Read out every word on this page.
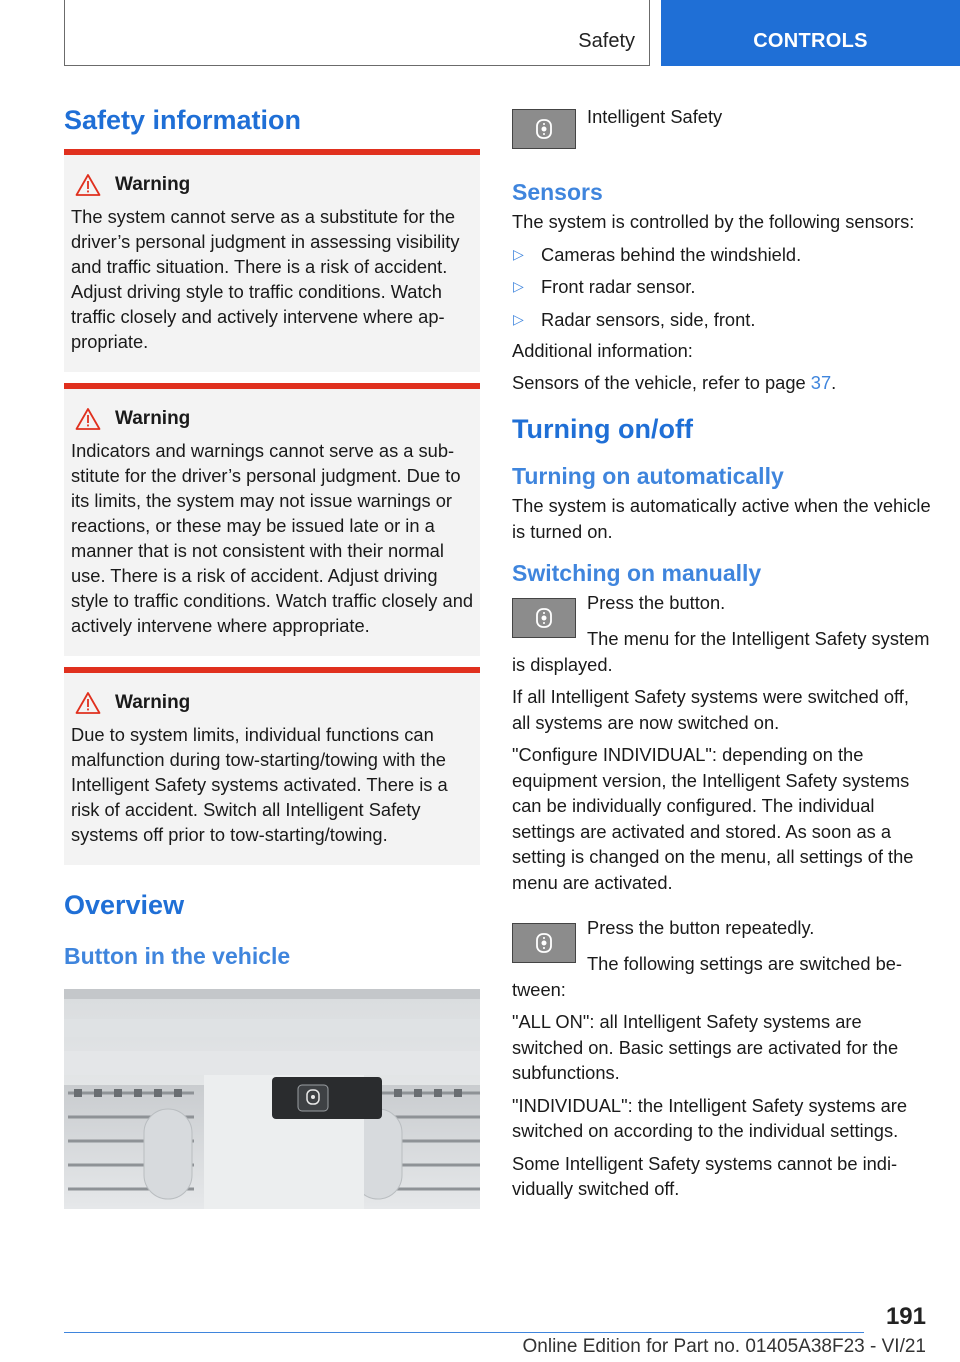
Safety	CONTROLS
Safety information
Warning
The system cannot serve as a substitute for the driver’s personal judgment in assessing visibility and traffic situation. There is a risk of accident. Adjust driving style to traffic conditions. Watch traffic closely and actively intervene where appropriate.
Warning
Indicators and warnings cannot serve as a substitute for the driver’s personal judgment. Due to its limits, the system may not issue warnings or reactions, or these may be issued late or in a manner that is not consistent with their normal use. There is a risk of accident. Adjust driving style to traffic conditions. Watch traffic closely and actively intervene where appropriate.
Warning
Due to system limits, individual functions can malfunction during tow-starting/towing with the Intelligent Safety systems activated. There is a risk of accident. Switch all Intelligent Safety systems off prior to tow-starting/towing.
Overview
Button in the vehicle
Intelligent Safety
Sensors
The system is controlled by the following sensors:
▷ Cameras behind the windshield.
▷ Front radar sensor.
▷ Radar sensors, side, front.
Additional information:
Sensors of the vehicle, refer to page 37.
Turning on/off
Turning on automatically
The system is automatically active when the vehicle is turned on.
Switching on manually
Press the button.
The menu for the Intelligent Safety system is displayed.
If all Intelligent Safety systems were switched off, all systems are now switched on.
"Configure INDIVIDUAL": depending on the equipment version, the Intelligent Safety systems can be individually configured. The individual settings are activated and stored. As soon as a setting is changed on the menu, all settings of the menu are activated.
Press the button repeatedly.
The following settings are switched between:
"ALL ON": all Intelligent Safety systems are switched on. Basic settings are activated for the subfunctions.
"INDIVIDUAL": the Intelligent Safety systems are switched on according to the individual settings.
Some Intelligent Safety systems cannot be individually switched off.
191
Online Edition for Part no. 01405A38F23 - VI/21
